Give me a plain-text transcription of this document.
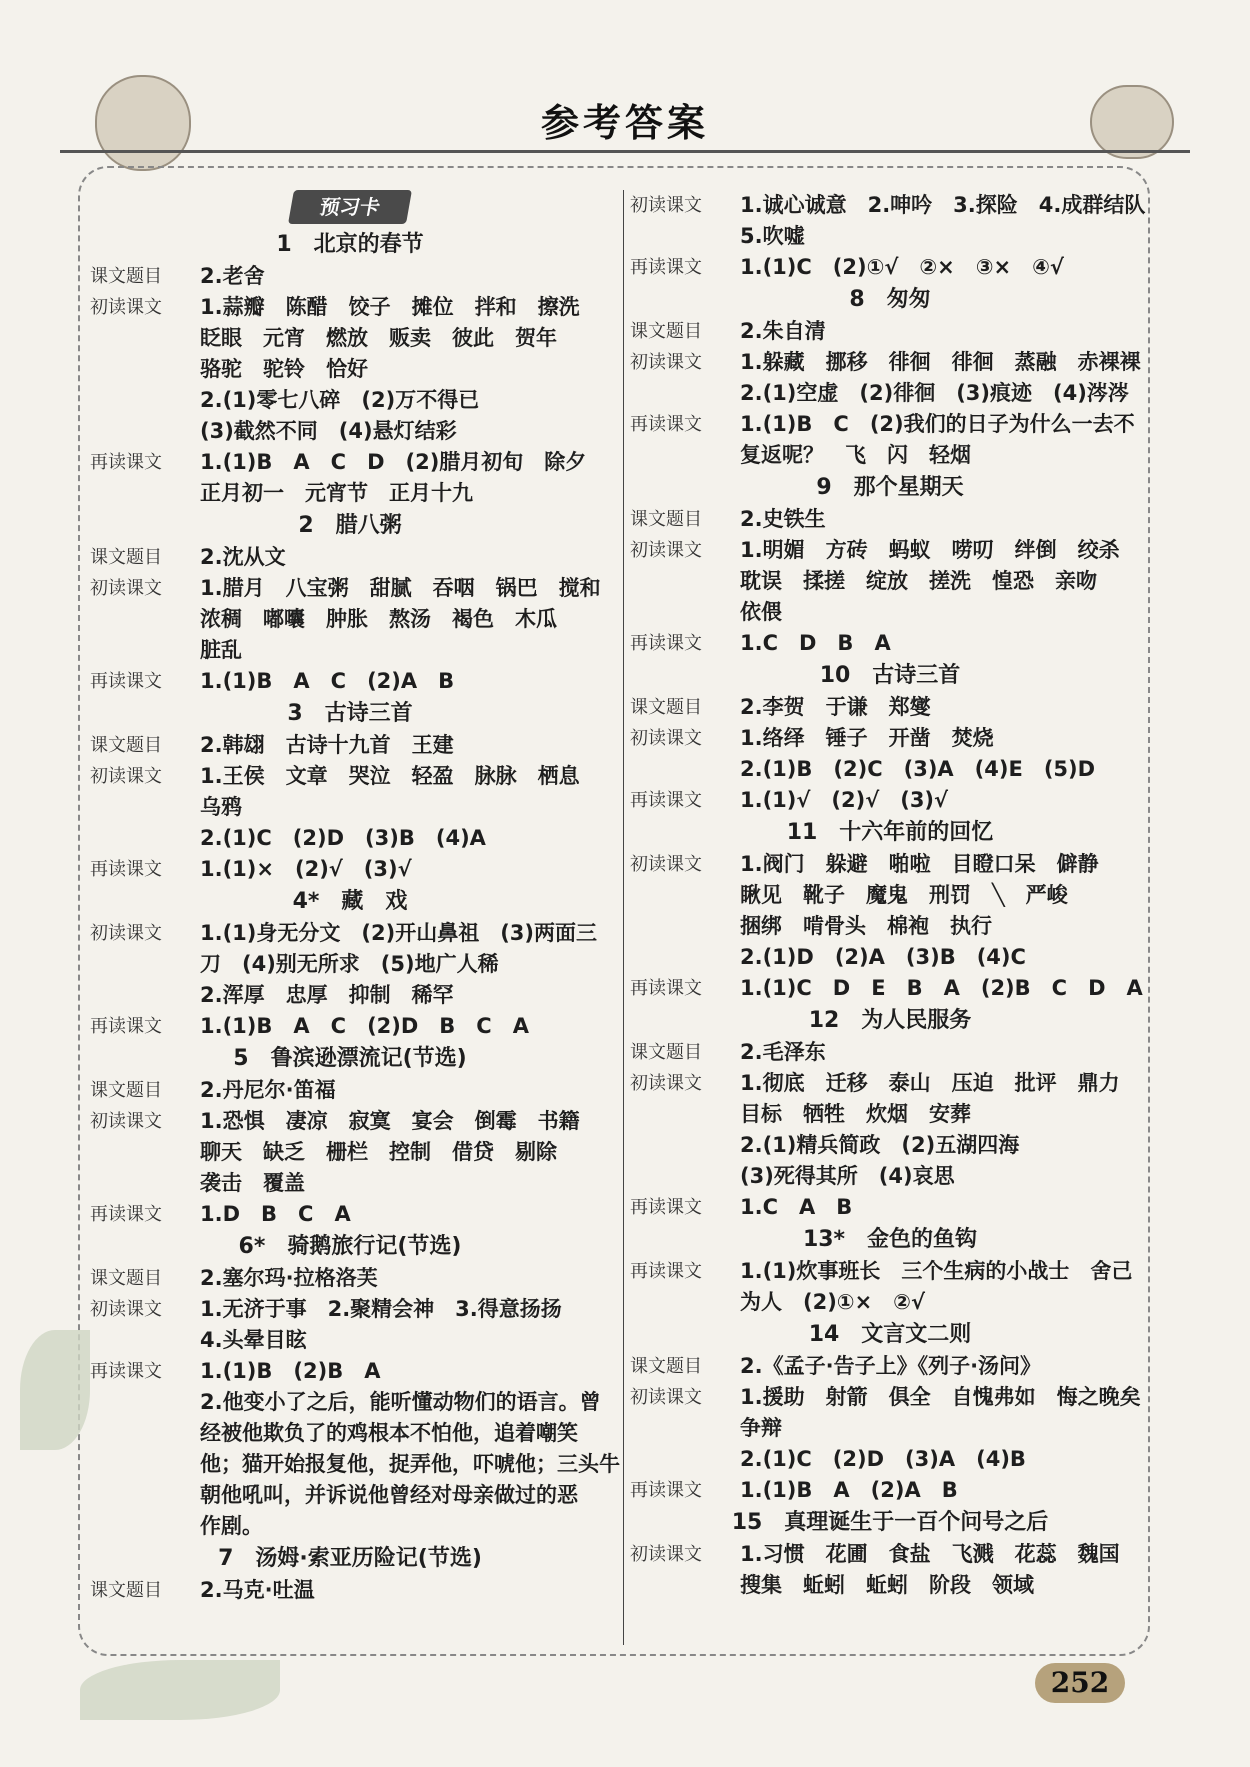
参考答案
预习卡
1　北京的春节
课文题目	2.老舍
初读课文	1.蒜瓣　陈醋　饺子　摊位　拌和　擦洗
眨眼　元宵　燃放　贩卖　彼此　贺年
骆驼　驼铃　恰好
2.(1)零七八碎　(2)万不得已
(3)截然不同　(4)悬灯结彩
再读课文	1.(1)B　A　C　D　(2)腊月初旬　除夕
正月初一　元宵节　正月十九
2　腊八粥
课文题目	2.沈从文
初读课文	1.腊月　八宝粥　甜腻　吞咽　锅巴　搅和
浓稠　嘟囔　肿胀　熬汤　褐色　木瓜
脏乱
再读课文	1.(1)B　A　C　(2)A　B
3　古诗三首
课文题目	2.韩翃　古诗十九首　王建
初读课文	1.王侯　文章　哭泣　轻盈　脉脉　栖息
乌鸦
2.(1)C　(2)D　(3)B　(4)A
再读课文	1.(1)×　(2)√　(3)√
4*　藏　戏
初读课文	1.(1)身无分文　(2)开山鼻祖　(3)两面三
刀　(4)别无所求　(5)地广人稀
2.浑厚　忠厚　抑制　稀罕
再读课文	1.(1)B　A　C　(2)D　B　C　A
5　鲁滨逊漂流记(节选)
课文题目	2.丹尼尔·笛福
初读课文	1.恐惧　凄凉　寂寞　宴会　倒霉　书籍
聊天　缺乏　栅栏　控制　借贷　剔除
袭击　覆盖
再读课文	1.D　B　C　A
6*　骑鹅旅行记(节选)
课文题目	2.塞尔玛·拉格洛芙
初读课文	1.无济于事　2.聚精会神　3.得意扬扬
4.头晕目眩
再读课文	1.(1)B　(2)B　A
2.他变小了之后，能听懂动物们的语言。曾
经被他欺负了的鸡根本不怕他，追着嘲笑
他；猫开始报复他，捉弄他，吓唬他；三头牛
朝他吼叫，并诉说他曾经对母亲做过的恶
作剧。
7　汤姆·索亚历险记(节选)
课文题目	2.马克·吐温
初读课文	1.诚心诚意　2.呻吟　3.探险　4.成群结队
5.吹嘘
再读课文	1.(1)C　(2)①√　②×　③×　④√
8　匆匆
课文题目	2.朱自清
初读课文	1.躲藏　挪移　徘徊　徘徊　蒸融　赤裸裸
2.(1)空虚　(2)徘徊　(3)痕迹　(4)涔涔
再读课文	1.(1)B　C　(2)我们的日子为什么一去不
复返呢？　飞　闪　轻烟
9　那个星期天
课文题目	2.史铁生
初读课文	1.明媚　方砖　蚂蚁　唠叨　绊倒　绞杀
耽误　揉搓　绽放　搓洗　惶恐　亲吻
依偎
再读课文	1.C　D　B　A
10　古诗三首
课文题目	2.李贺　于谦　郑燮
初读课文	1.络绎　锤子　开凿　焚烧
2.(1)B　(2)C　(3)A　(4)E　(5)D
再读课文	1.(1)√　(2)√　(3)√
11　十六年前的回忆
初读课文	1.阀门　躲避　啪啦　目瞪口呆　僻静
瞅见　靴子　魔鬼　刑罚　╲　严峻
捆绑　啃骨头　棉袍　执行
2.(1)D　(2)A　(3)B　(4)C
再读课文	1.(1)C　D　E　B　A　(2)B　C　D　A
12　为人民服务
课文题目	2.毛泽东
初读课文	1.彻底　迁移　泰山　压迫　批评　鼎力
目标　牺牲　炊烟　安葬
2.(1)精兵简政　(2)五湖四海
(3)死得其所　(4)哀思
再读课文	1.C　A　B
13*　金色的鱼钩
再读课文	1.(1)炊事班长　三个生病的小战士　舍己
为人　(2)①×　②√
14　文言文二则
课文题目	2.《孟子·告子上》《列子·汤问》
初读课文	1.援助　射箭　俱全　自愧弗如　悔之晚矣
争辩
2.(1)C　(2)D　(3)A　(4)B
再读课文	1.(1)B　A　(2)A　B
15　真理诞生于一百个问号之后
初读课文	1.习惯　花圃　食盐　飞溅　花蕊　魏国
搜集　蚯蚓　蚯蚓　阶段　领域
252
